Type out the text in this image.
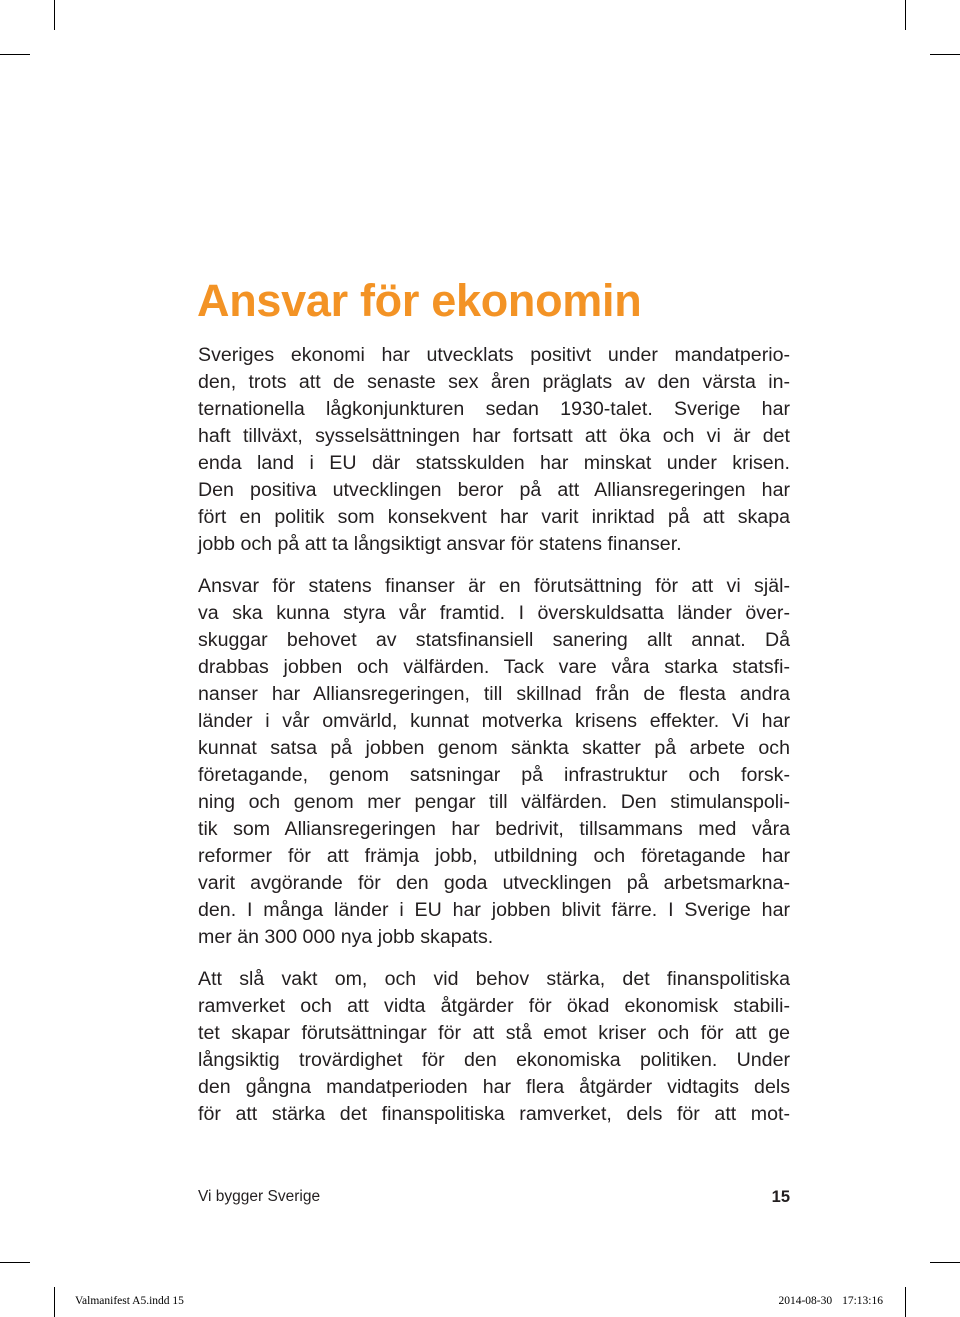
Ansvar för ekonomin
Sveriges ekonomi har utvecklats positivt under mandatperio-
den, trots att de senaste sex åren präglats av den värsta in-
ternationella lågkonjunkturen sedan 1930-talet. Sverige har
haft tillväxt, sysselsättningen har fortsatt att öka och vi är det
enda land i EU där statsskulden har minskat under krisen.
Den positiva utvecklingen beror på att Alliansregeringen har
fört en politik som konsekvent har varit inriktad på att skapa
jobb och på att ta långsiktigt ansvar för statens finanser.
Ansvar för statens finanser är en förutsättning för att vi själ-
va ska kunna styra vår framtid. I överskuldsatta länder över-
skuggar behovet av statsfinansiell sanering allt annat. Då
drabbas jobben och välfärden. Tack vare våra starka statsfi-
nanser har Alliansregeringen, till skillnad från de flesta andra
länder i vår omvärld, kunnat motverka krisens effekter. Vi har
kunnat satsa på jobben genom sänkta skatter på arbete och
företagande, genom satsningar på infrastruktur och forsk-
ning och genom mer pengar till välfärden. Den stimulanspoli-
tik som Alliansregeringen har bedrivit, tillsammans med våra
reformer för att främja jobb, utbildning och företagande har
varit avgörande för den goda utvecklingen på arbetsmarkna-
den. I många länder i EU har jobben blivit färre. I Sverige har
mer än 300 000 nya jobb skapats.
Att slå vakt om, och vid behov stärka, det finanspolitiska
ramverket och att vidta åtgärder för ökad ekonomisk stabili-
tet skapar förutsättningar för att stå emot kriser och för att ge
långsiktig trovärdighet för den ekonomiska politiken. Under
den gångna mandatperioden har flera åtgärder vidtagits dels
för att stärka det finanspolitiska ramverket, dels för att mot-
Vi bygger Sverige	15
Valmanifest A5.indd 15	2014-08-30 17:13:16
